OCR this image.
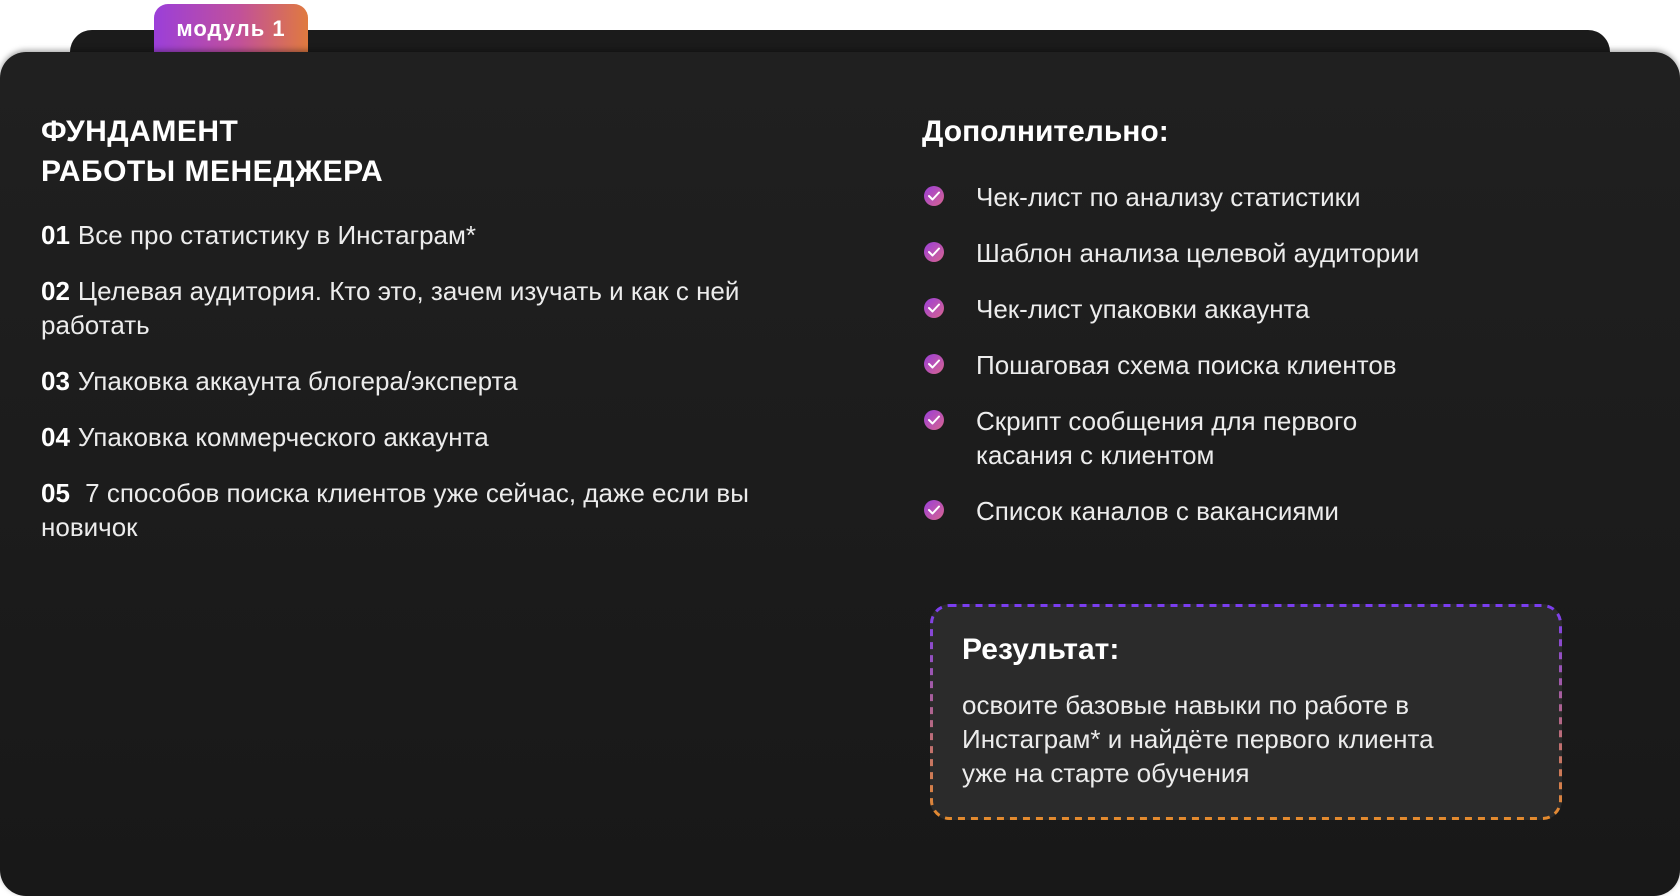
модуль 1
ФУНДАМЕНТ
РАБОТЫ МЕНЕДЖЕРА
01 Все про статистику в Инстаграм*
02 Целевая аудитория. Кто это, зачем изучать и как с ней работать
03 Упаковка аккаунта блогера/эксперта
04 Упаковка коммерческого аккаунта
05 7 способов поиска клиентов уже сейчас, даже если вы новичок
Дополнительно:
Чек-лист по анализу статистики
Шаблон анализа целевой аудитории
Чек-лист упаковки аккаунта
Пошаговая схема поиска клиентов
Скрипт сообщения для первого касания с клиентом
Список каналов с вакансиями
Результат:

освоите базовые навыки по работе в Инстаграм* и найдёте первого клиента уже на старте обучения
